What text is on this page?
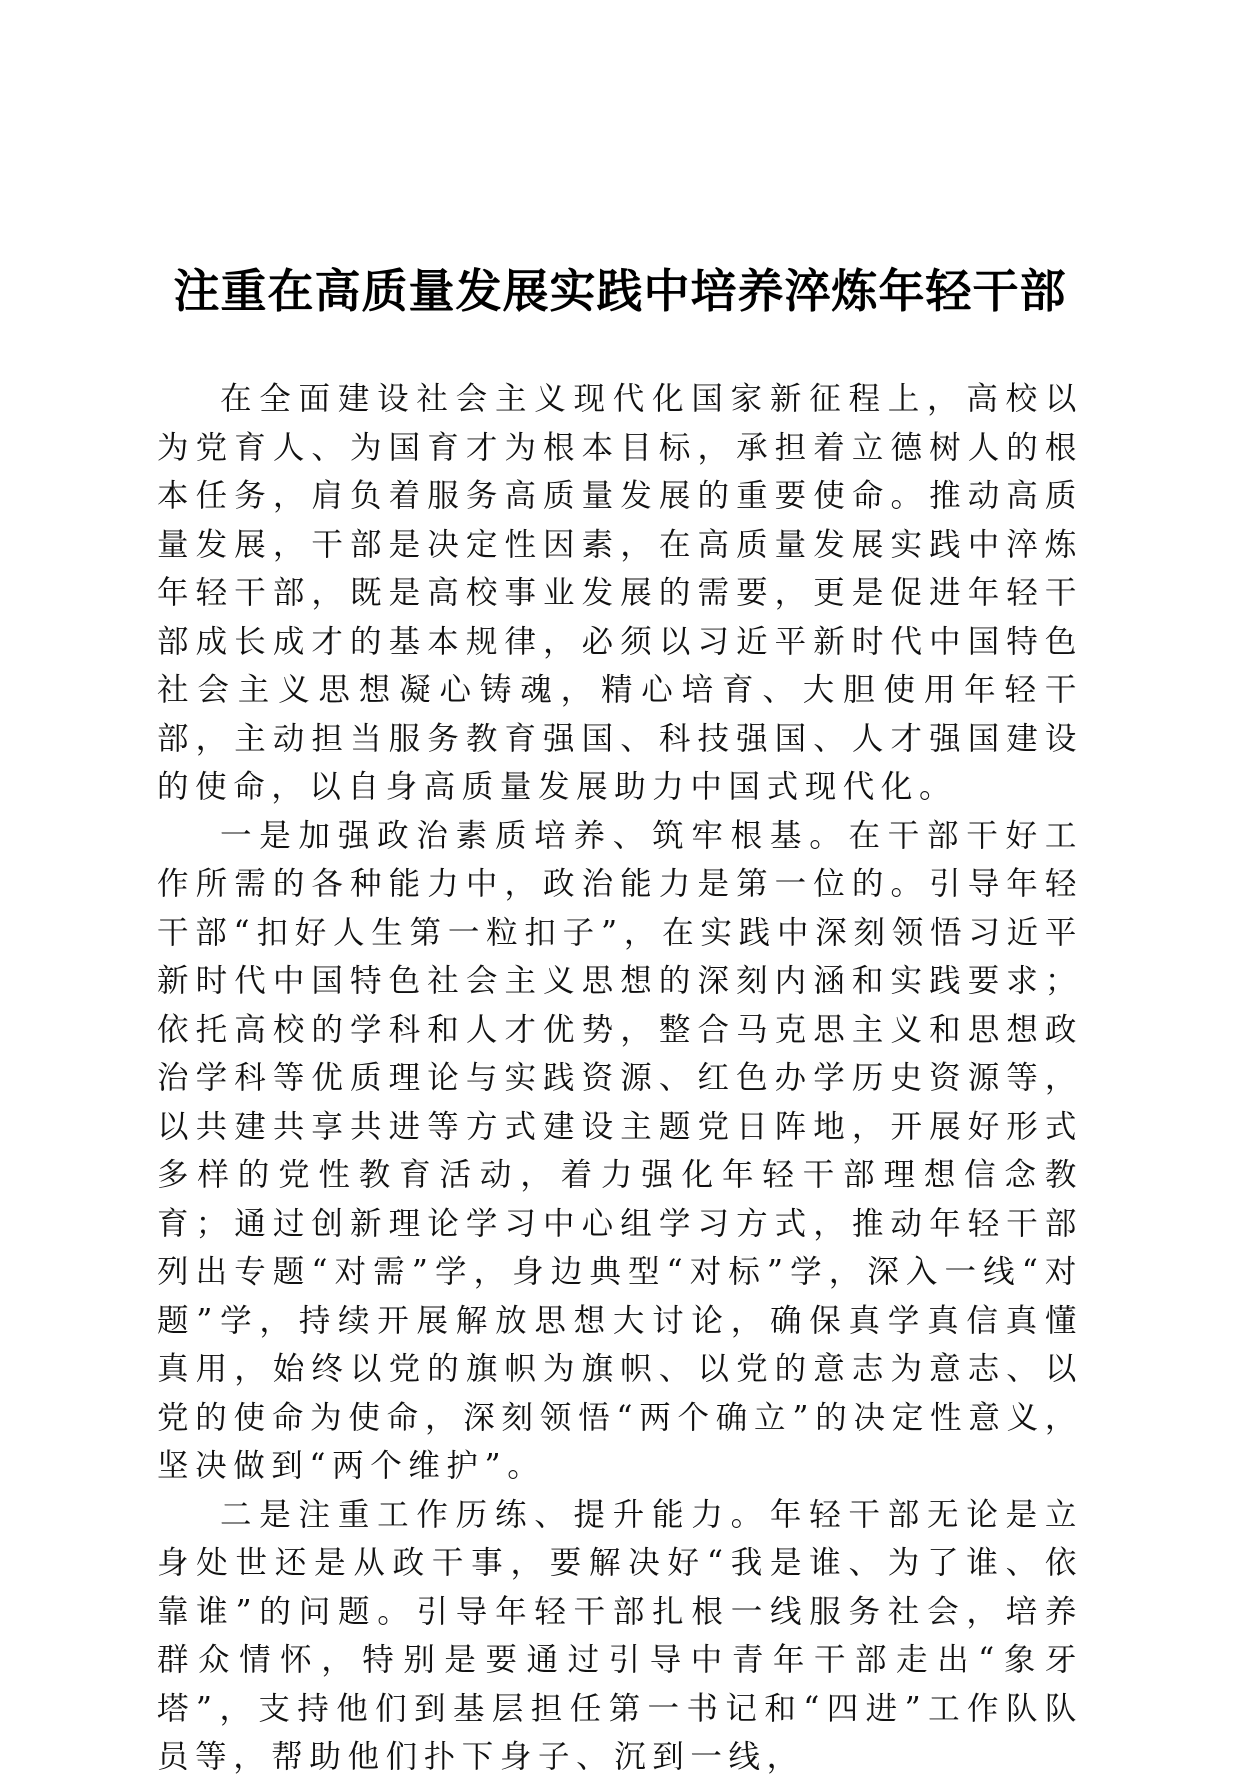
注重在高质量发展实践中培养淬炼年轻干部

在全面建设社会主义现代化国家新征程上，高校以为党育人、为国育才为根本目标，承担着立德树人的根本任务，肩负着服务高质量发展的重要使命。推动高质量发展，干部是决定性因素，在高质量发展实践中淬炼年轻干部，既是高校事业发展的需要，更是促进年轻干部成长成才的基本规律，必须以习近平新时代中国特色社会主义思想凝心铸魂，精心培育、大胆使用年轻干部，主动担当服务教育强国、科技强国、人才强国建设的使命，以自身高质量发展助力中国式现代化。

一是加强政治素质培养、筑牢根基。在干部干好工作所需的各种能力中，政治能力是第一位的。引导年轻干部“扣好人生第一粒扣子”，在实践中深刻领悟习近平新时代中国特色社会主义思想的深刻内涵和实践要求；依托高校的学科和人才优势，整合马克思主义和思想政治学科等优质理论与实践资源、红色办学历史资源等，以共建共享共进等方式建设主题党日阵地，开展好形式多样的党性教育活动，着力强化年轻干部理想信念教育；通过创新理论学习中心组学习方式，推动年轻干部列出专题“对需”学，身边典型“对标”学，深入一线“对题”学，持续开展解放思想大讨论，确保真学真信真懂真用，始终以党的旗帜为旗帜、以党的意志为意志、以党的使命为使命，深刻领悟“两个确立”的决定性意义，坚决做到“两个维护”。

二是注重工作历练、提升能力。年轻干部无论是立身处世还是从政干事，要解决好“我是谁、为了谁、依靠谁”的问题。引导年轻干部扎根一线服务社会，培养群众情怀，特别是要通过引导中青年干部走出“象牙塔”，支持他们到基层担任第一书记和“四进”工作队队员等，帮助他们扑下身子、沉到一线，
